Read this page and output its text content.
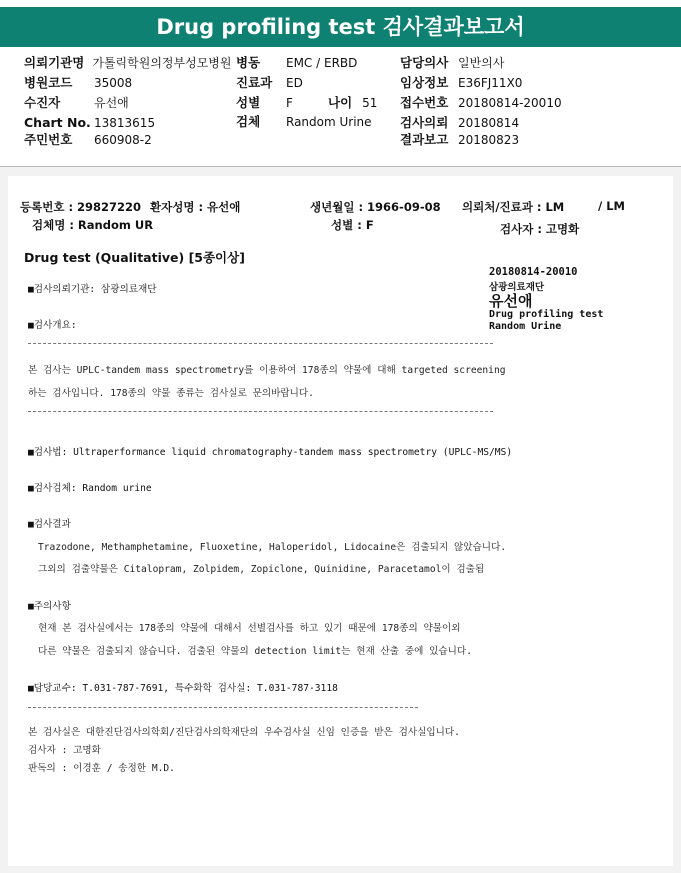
Drug profiling test 검사결과보고서
의뢰기관명 가톨릭학원의정부성모병원
병원코드 35008
수진자	유선애
Chart No. 13813615
주민번호 660908-2
병동 EMC / ERBD
진료과 ED
성별 F	나이 51
검체 Random Urine
담당의사 일반의사
임상정보 E36FJ11X0
접수번호 20180814-20010
검사의뢰 20180814
결과보고 20180823
등록번호 : 29827220 환자성명 : 유선애	생년월일 : 1966-09-08 의뢰처/진료과 : LM	/ LM
검체명 : Random UR	성별 : F	검사자 : 고명화
Drug test (Qualitative) [5종이상]
20180814-20010
삼광의료재단
유선애
Drug profiling test
Random Urine
■검사의뢰기관: 삼광의료재단
■검사개요:
본 검사는 UPLC-tandem mass spectrometry를 이용하여 178종의 약물에 대해 targeted screening
하는 검사입니다. 178종의 약물 종류는 검사실로 문의바랍니다.
■검사법: Ultraperformance liquid chromatography-tandem mass spectrometry (UPLC-MS/MS)
■검사검체: Random urine
■검사결과
Trazodone, Methamphetamine, Fluoxetine, Haloperidol, Lidocaine은 검출되지 않았습니다.
그외의 검출약물은 Citalopram, Zolpidem, Zopiclone, Quinidine, Paracetamol이 검출됨
■주의사항
현재 본 검사실에서는 178종의 약물에 대해서 선별검사를 하고 있기 때문에 178종의 약물이외
다른 약물은 검출되지 않습니다. 검출된 약물의 detection limit는 현재 산출 중에 있습니다.
■담당교수: T.031-787-7691, 특수화학 검사실: T.031-787-3118
본 검사실은 대한진단검사의학회/진단검사의학재단의 우수검사실 신임 인증을 받은 검사실입니다.
검사자 : 고명화
판독의 : 이경훈 / 송정한 M.D.
